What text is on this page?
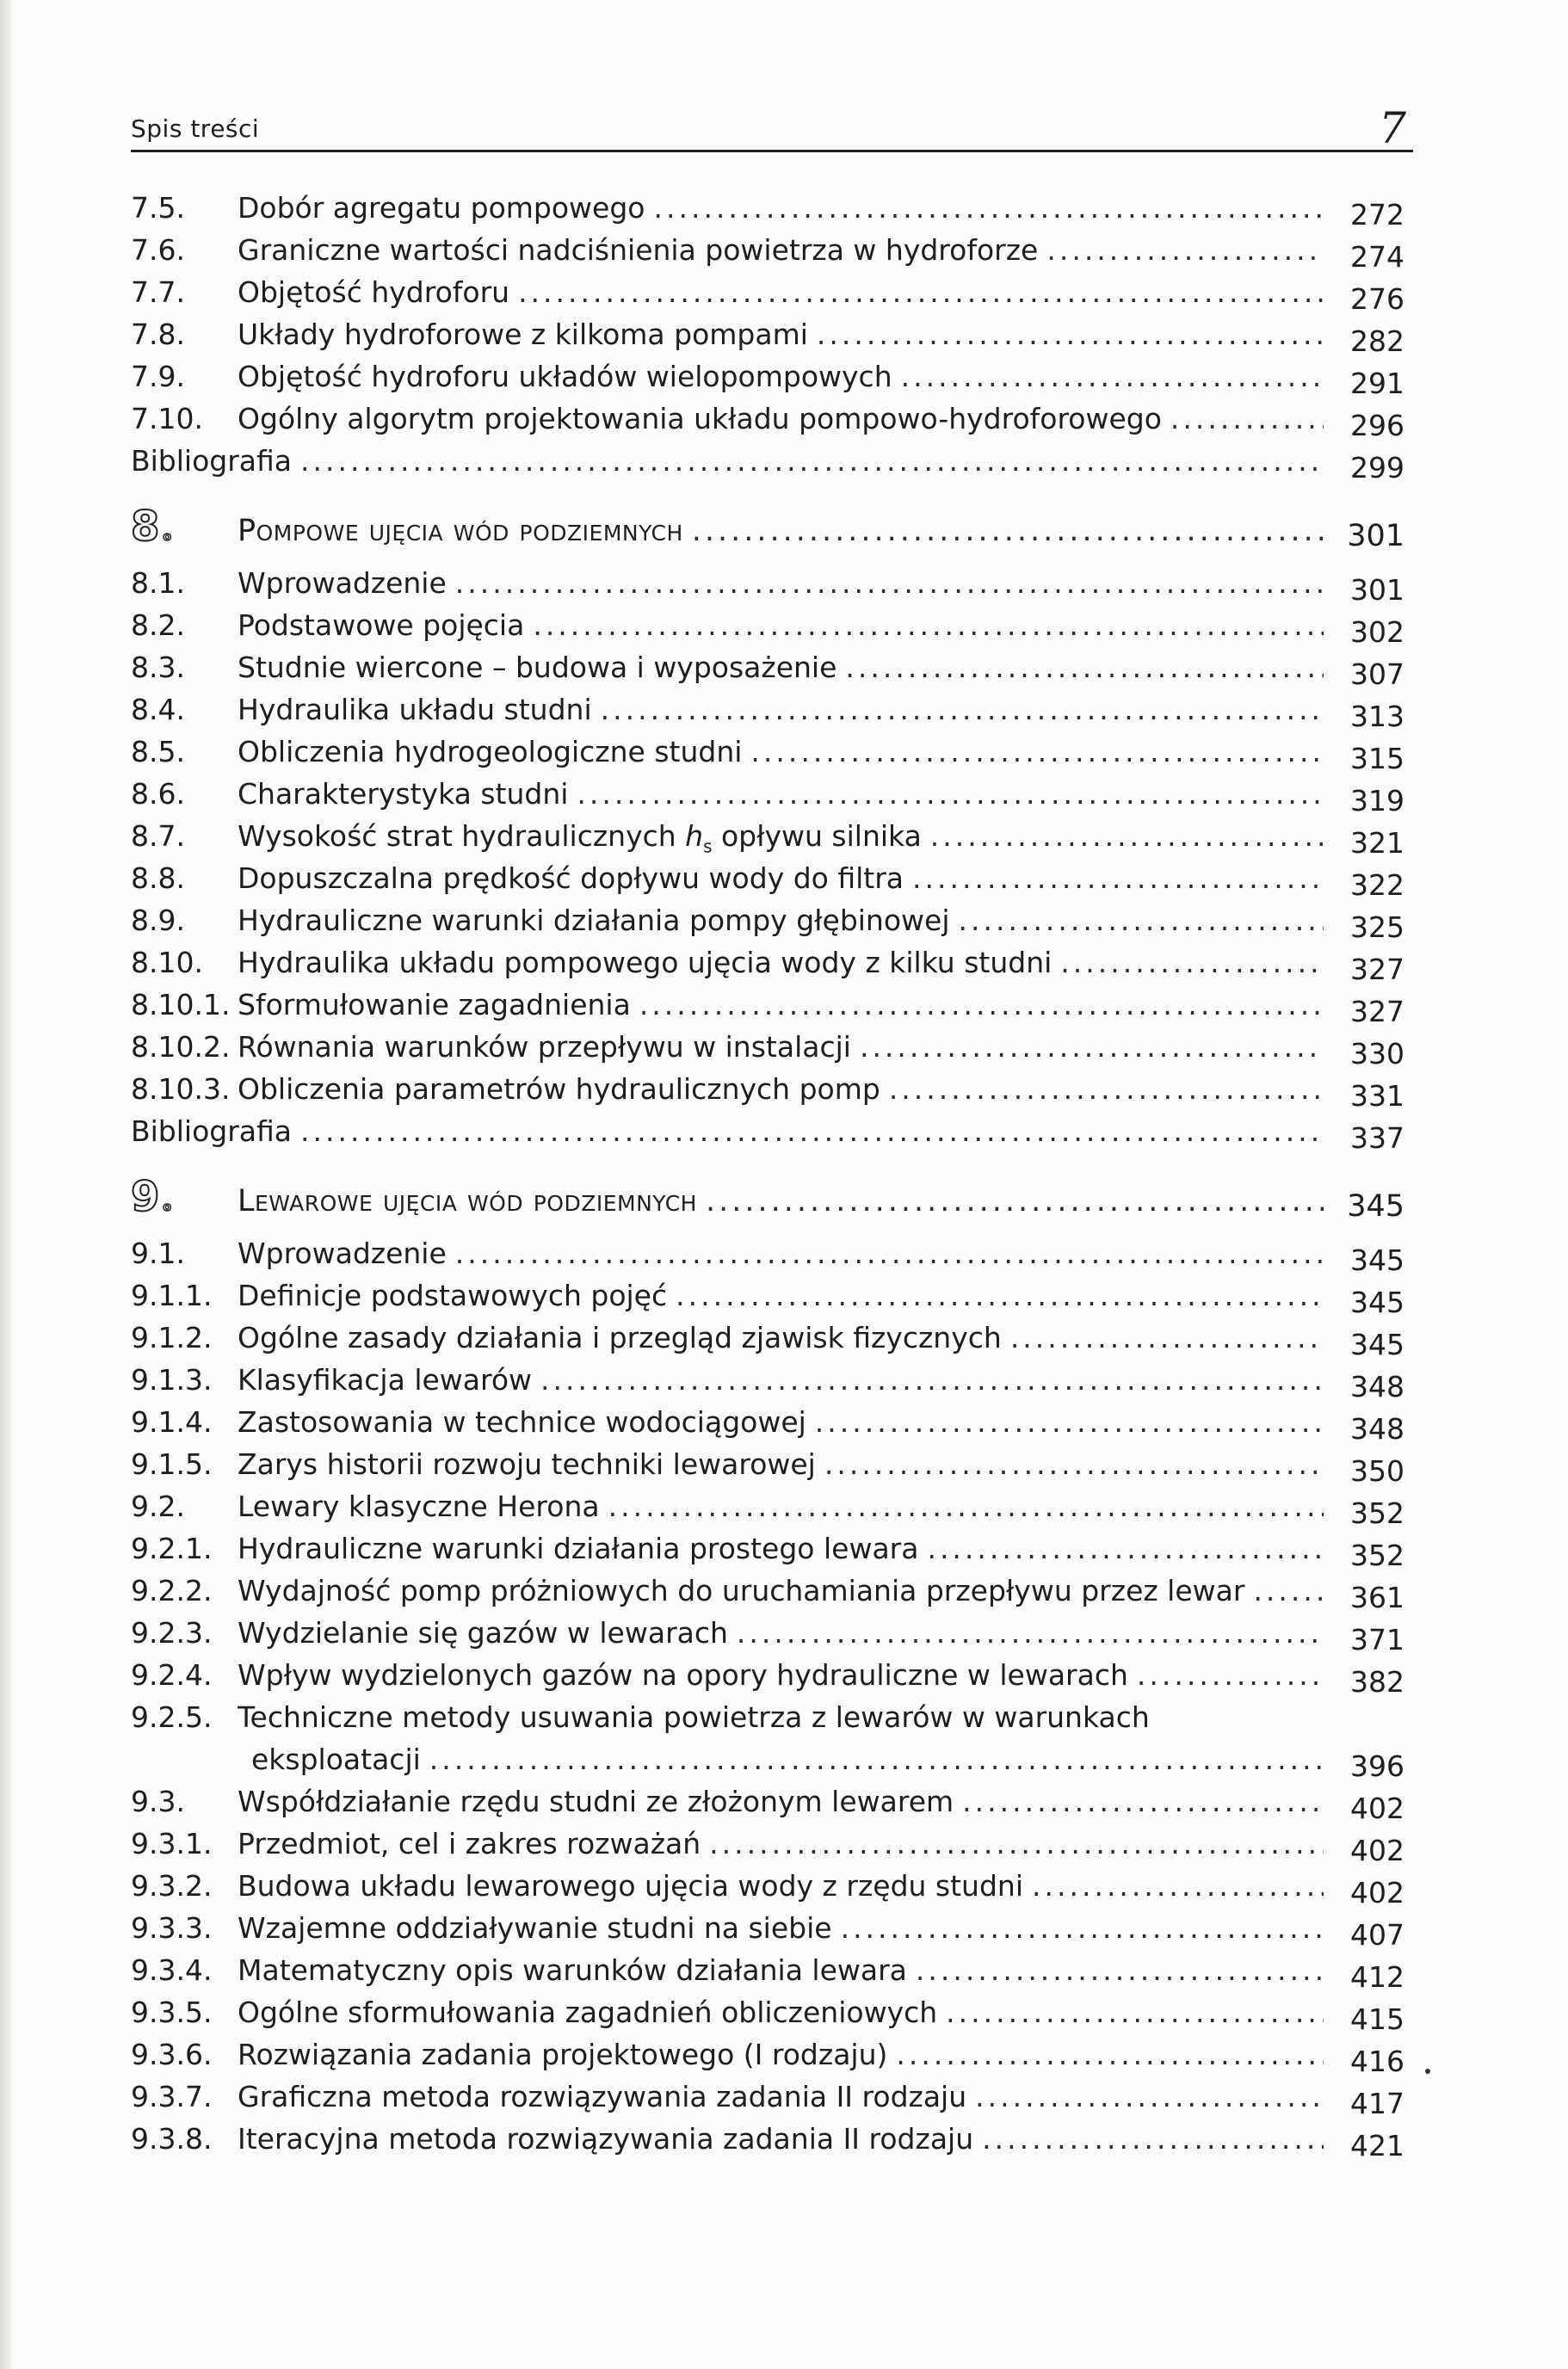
Spis treści	7
7.5.	Dobór agregatu pompowego .....	272
7.6.	Graniczne wartości nadciśnienia powietrza w hydroforze .....	274
7.7.	Objętość hydroforu .....	276
7.8.	Układy hydroforowe z kilkoma pompami .....	282
7.9.	Objętość hydroforu układów wielopompowych .....	291
7.10.	Ogólny algorytm projektowania układu pompowo-hydroforowego .....	296
Bibliografia .....	299
8 o	Pompowe ujęcia wód podziemnych .....	301
8.1.	Wprowadzenie .....	301
8.2.	Podstawowe pojęcia .....	302
8.3.	Studnie wiercone – budowa i wyposażenie .....	307
8.4.	Hydraulika układu studni .....	313
8.5.	Obliczenia hydrogeologiczne studni .....	315
8.6.	Charakterystyka studni .....	319
8.7.	Wysokość strat hydraulicznych $h_s$ opływu silnika .....	321
8.8.	Dopuszczalna prędkość dopływu wody do filtra .....	322
8.9.	Hydrauliczne warunki działania pompy głębinowej .....	325
8.10.	Hydraulika układu pompowego ujęcia wody z kilku studni .....	327
8.10.1. Sformułowanie zagadnienia .....	327
8.10.2. Równania warunków przepływu w instalacji .....	330
8.10.3. Obliczenia parametrów hydraulicznych pomp .....	331
Bibliografia .....	337
9 o	Lewarowe ujęcia wód podziemnych .....	345
9.1.	Wprowadzenie .....	345
9.1.1. Definicje podstawowych pojęć .....	345
9.1.2. Ogólne zasady działania i przegląd zjawisk fizycznych .....	345
9.1.3. Klasyfikacja lewarów .....	348
9.1.4. Zastosowania w technice wodociągowej .....	348
9.1.5. Zarys historii rozwoju techniki lewarowej .....	350
9.2.	Lewary klasyczne Herona .....	352
9.2.1. Hydrauliczne warunki działania prostego lewara .....	352
9.2.2. Wydajność pomp próżniowych do uruchamiania przepływu przez lewar .....	361
9.2.3. Wydzielanie się gazów w lewarach .....	371
9.2.4. Wpływ wydzielonych gazów na opory hydrauliczne w lewarach .....	382
9.2.5. Techniczne metody usuwania powietrza z lewarów w warunkach
eksploatacji .....	396
9.3.	Współdziałanie rzędu studni ze złożonym lewarem .....	402
9.3.1. Przedmiot, cel i zakres rozważań .....	402
9.3.2. Budowa układu lewarowego ujęcia wody z rzędu studni .....	402
9.3.3. Wzajemne oddziaływanie studni na siebie .....	407
9.3.4. Matematyczny opis warunków działania lewara .....	412
9.3.5. Ogólne sformułowania zagadnień obliczeniowych .....	415
9.3.6. Rozwiązania zadania projektowego (I rodzaju) .....	416
9.3.7. Graficzna metoda rozwiązywania zadania II rodzaju .....	417
9.3.8. Iteracyjna metoda rozwiązywania zadania II rodzaju .....	421
